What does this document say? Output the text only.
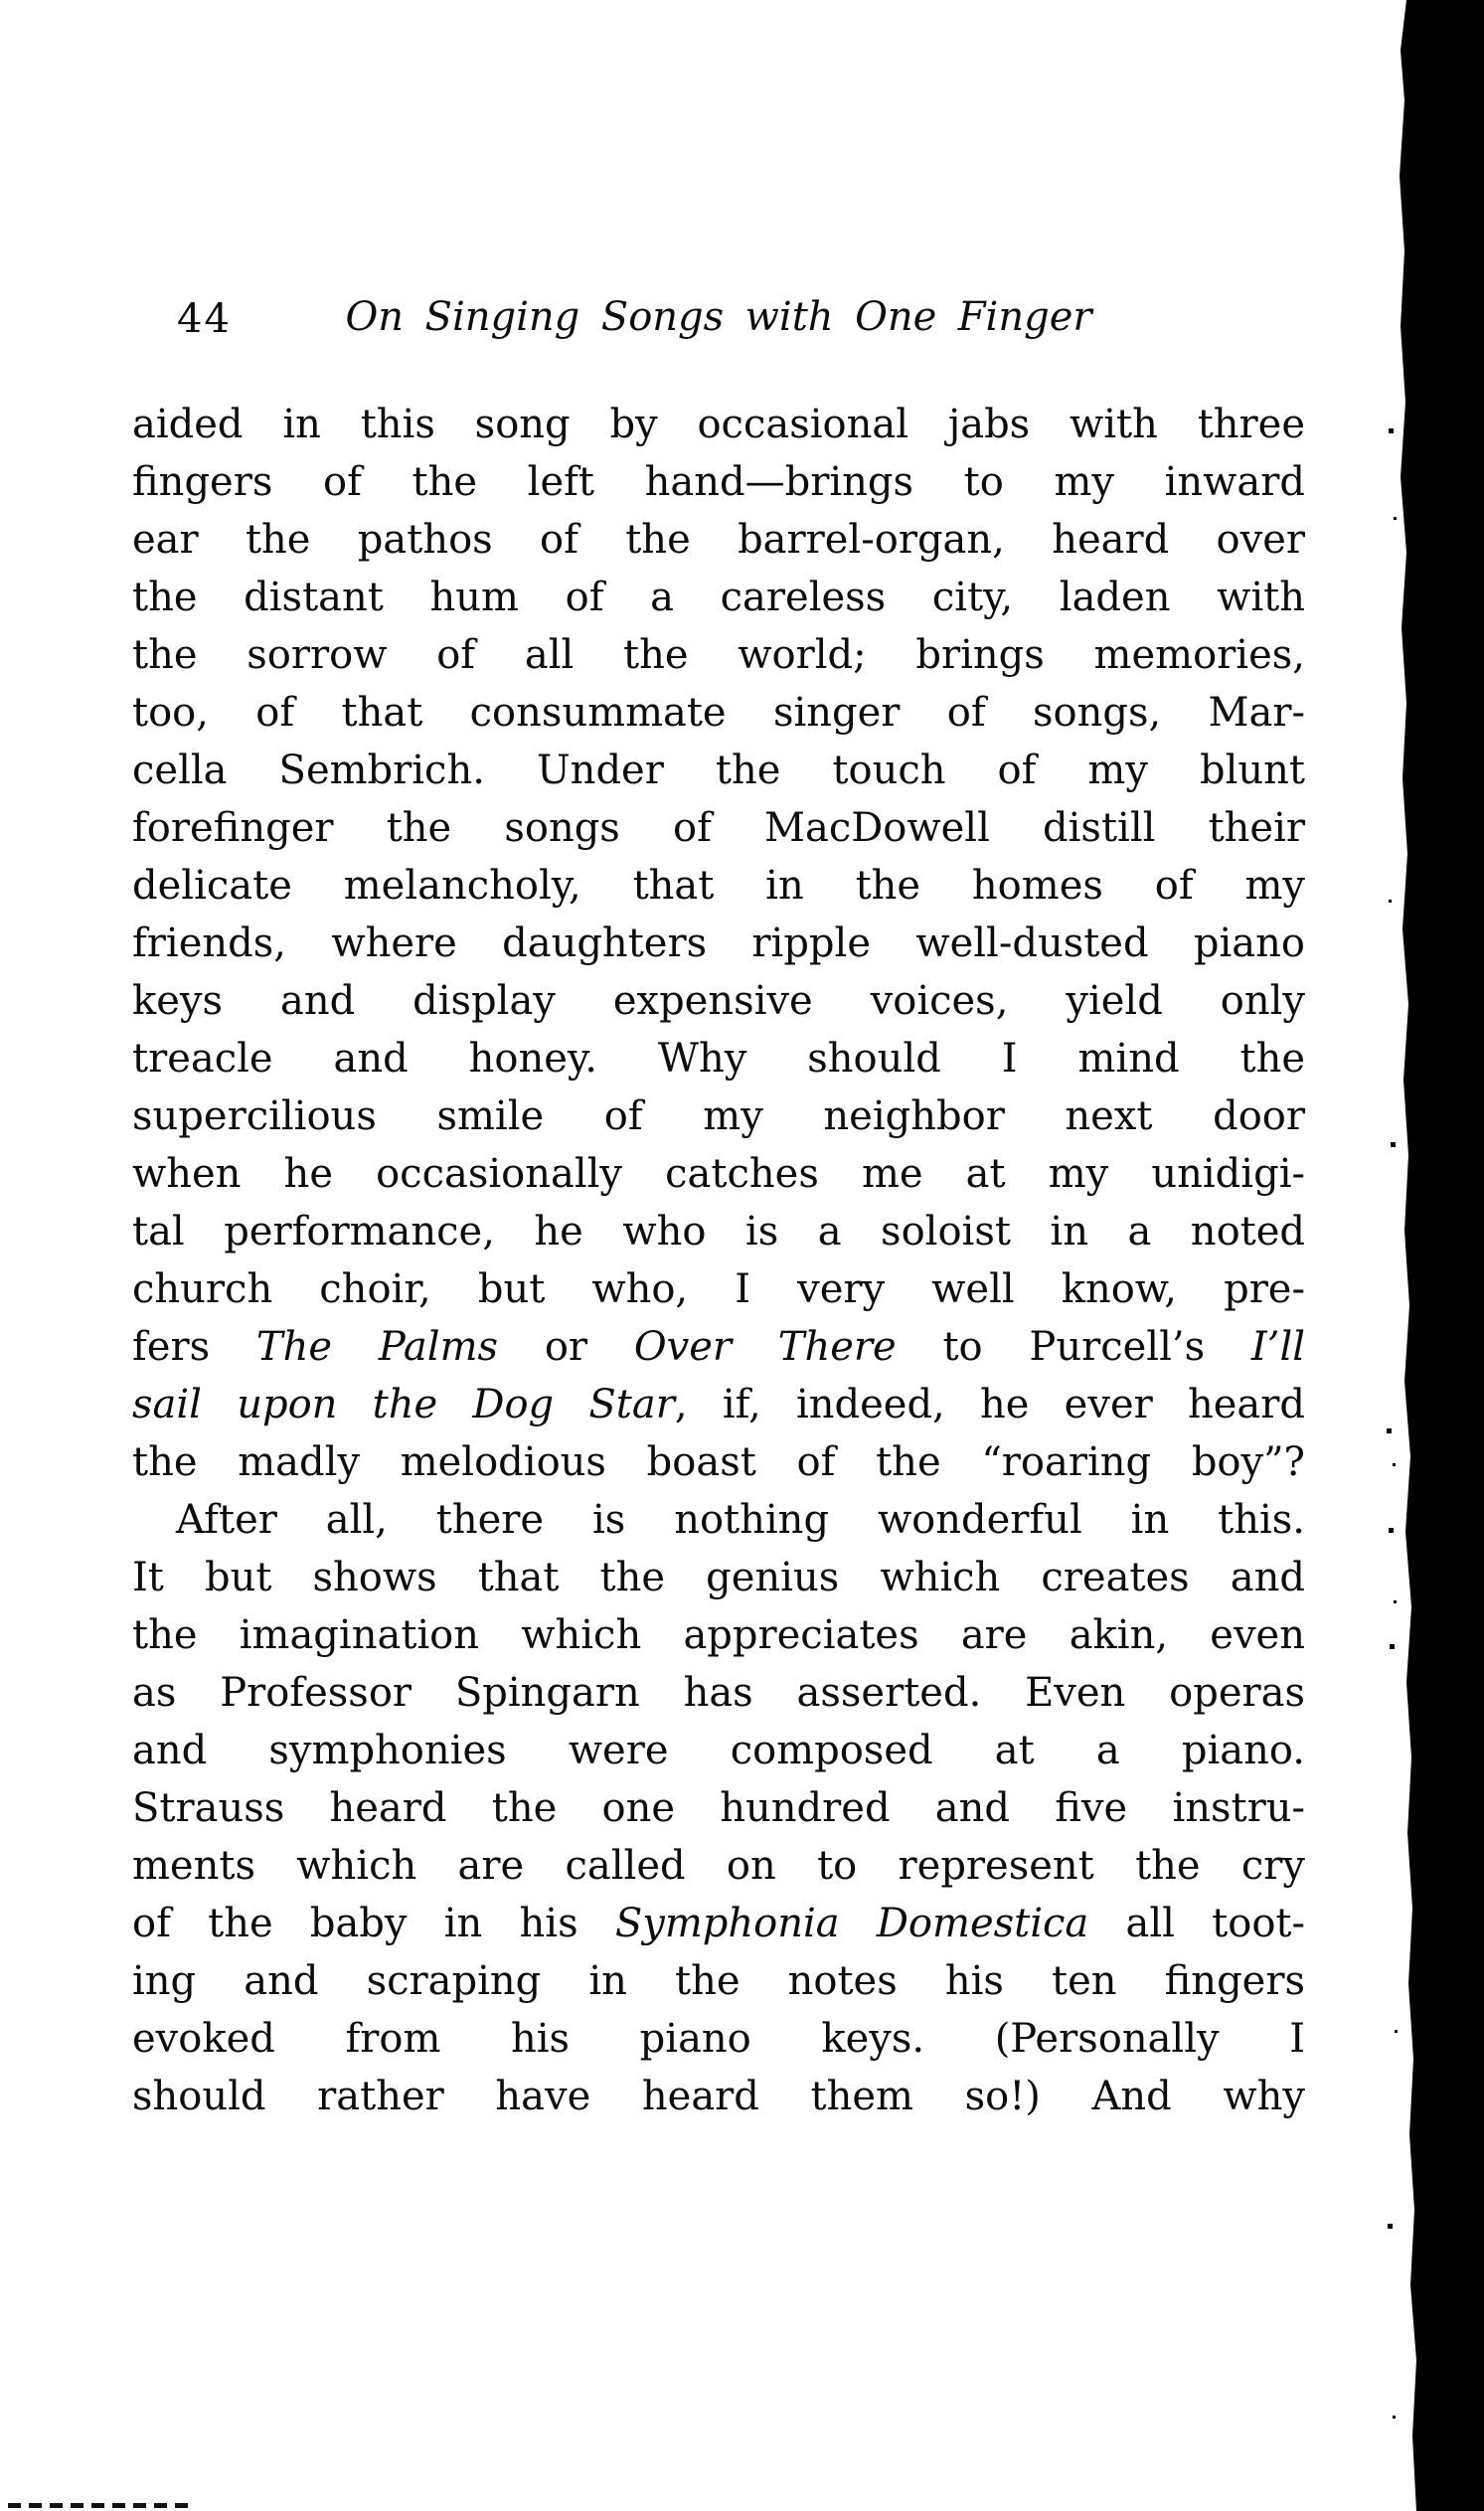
44	On Singing Songs with One Finger
aided in this song by occasional jabs with three
fingers of the left hand—brings to my inward
ear the pathos of the barrel-organ, heard over
the distant hum of a careless city, laden with
the sorrow of all the world; brings memories,
too, of that consummate singer of songs, Mar-
cella Sembrich. Under the touch of my blunt
forefinger the songs of MacDowell distill their
delicate melancholy, that in the homes of my
friends, where daughters ripple well-dusted piano
keys and display expensive voices, yield only
treacle and honey. Why should I mind the
supercilious smile of my neighbor next door
when he occasionally catches me at my unidigi-
tal performance, he who is a soloist in a noted
church choir, but who, I very well know, pre-
fers The Palms or Over There to Purcell’s I’ll
sail upon the Dog Star, if, indeed, he ever heard
the madly melodious boast of the “roaring boy”?
After all, there is nothing wonderful in this.
It but shows that the genius which creates and
the imagination which appreciates are akin, even
as Professor Spingarn has asserted. Even operas
and symphonies were composed at a piano.
Strauss heard the one hundred and five instru-
ments which are called on to represent the cry
of the baby in his Symphonia Domestica all toot-
ing and scraping in the notes his ten fingers
evoked from his piano keys. (Personally I
should rather have heard them so!) And why
